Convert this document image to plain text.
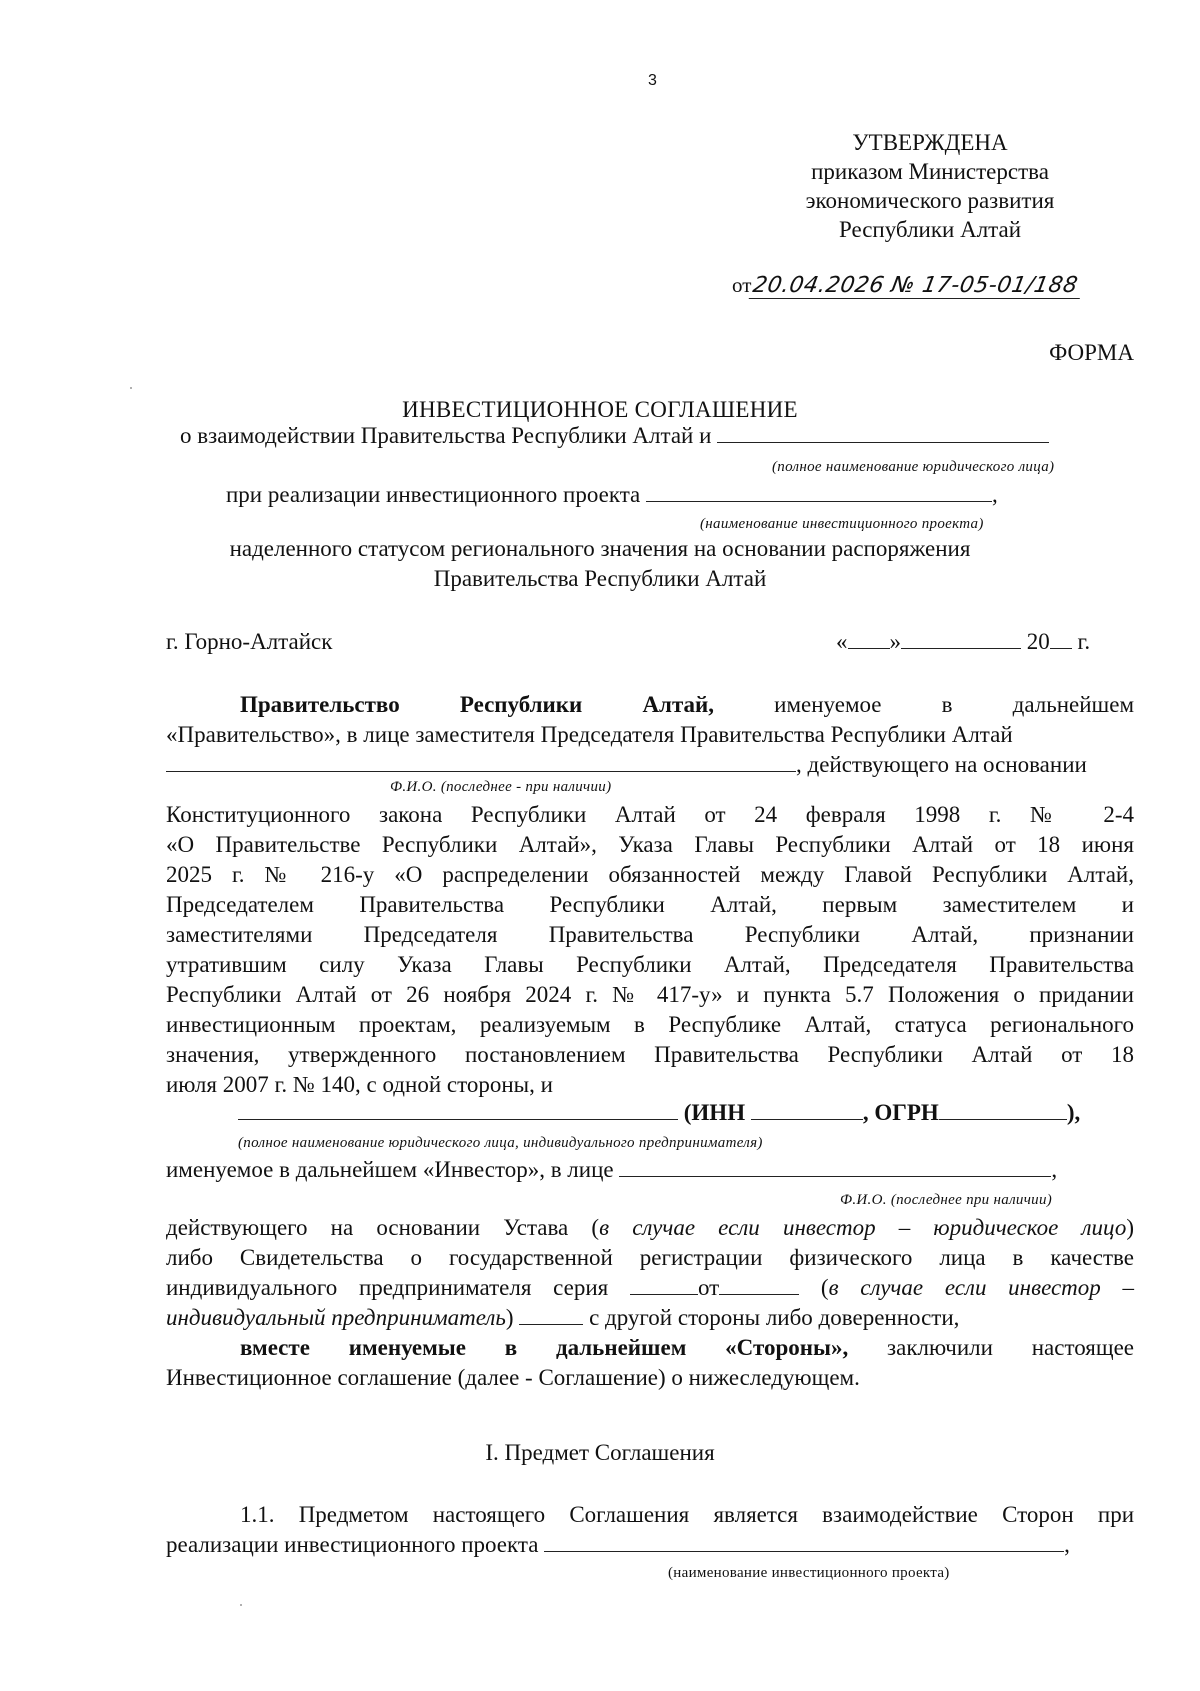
3
УТВЕРЖДЕНА
приказом Министерства
экономического развития
Республики Алтай
от20.04.2026 № 17-05-01/188
ФОРМА
ИНВЕСТИЦИОННОЕ СОГЛАШЕНИЕ
о взаимодействии Правительства Республики Алтай и
(полное наименование юридического лица)
при реализации инвестиционного проекта	,
(наименование инвестиционного проекта)
наделенного статусом регионального значения на основании распоряжения
Правительства Республики Алтай
г. Горно-Алтайск	« »	20 г.
Правительство	Республики	Алтай,	именуемое	в	дальнейшем
«Правительство», в лице заместителя Председателя Правительства Республики Алтай
, действующего на основании
Ф.И.О. (последнее - при наличии)
Конституционного закона Республики Алтай от 24 февраля 1998 г. № 2-4
«О Правительстве Республики Алтай», Указа Главы Республики Алтай от 18 июня
2025 г. № 216-у «О распределении обязанностей между Главой Республики Алтай,
Председателем Правительства Республики Алтай, первым заместителем и
заместителями Председателя Правительства Республики Алтай, признании
утратившим силу Указа Главы Республики Алтай, Председателя Правительства
Республики Алтай от 26 ноября 2024 г. № 417-у» и пункта 5.7 Положения о придании
инвестиционным проектам, реализуемым в Республике Алтай, статуса регионального
значения, утвержденного постановлением Правительства Республики Алтай от 18
июля 2007 г. № 140, с одной стороны, и
(ИНН	, ОГРН	),
(полное наименование юридического лица, индивидуального предпринимателя)
именуемое в дальнейшем «Инвестор», в лице	,
Ф.И.О. (последнее при наличии)
действующего на основании Устава (в случае если инвестор – юридическое лицо)
либо Свидетельства о государственной регистрации физического лица в качестве
индивидуального предпринимателя серия	от	(в случае если инвестор –
индивидуальный предприниматель)	с другой стороны либо доверенности,
вместе именуемые в дальнейшем «Стороны», заключили настоящее
Инвестиционное соглашение (далее - Соглашение) о нижеследующем.
I. Предмет Соглашения
1.1. Предметом настоящего Соглашения является взаимодействие Сторон при
реализации инвестиционного проекта	,
(наименование инвестиционного проекта)
